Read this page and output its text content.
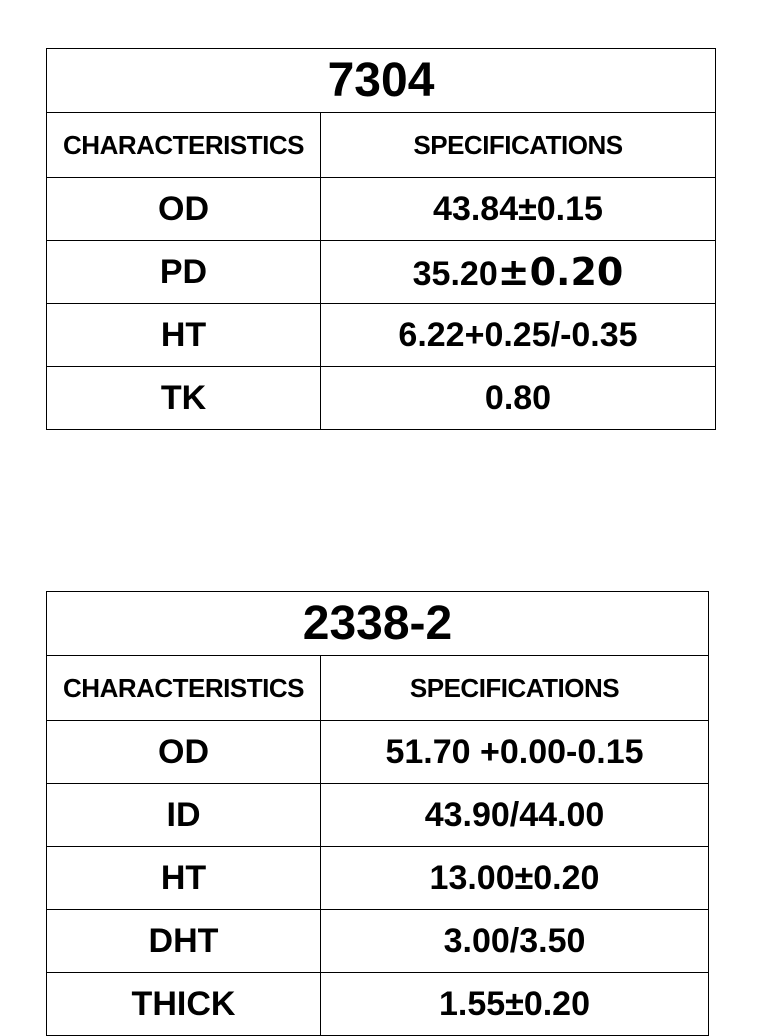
7304	
CHARACTERISTICS	SPECIFICATIONS
OD	43.84±0.15
PD	35.20±0.20
HT	6.22+0.25/-0.35
TK	0.80
2338-2	
CHARACTERISTICS	SPECIFICATIONS
OD	51.70 +0.00-0.15
ID	43.90/44.00
HT	13.00±0.20
DHT	3.00/3.50
THICK	1.55±0.20
